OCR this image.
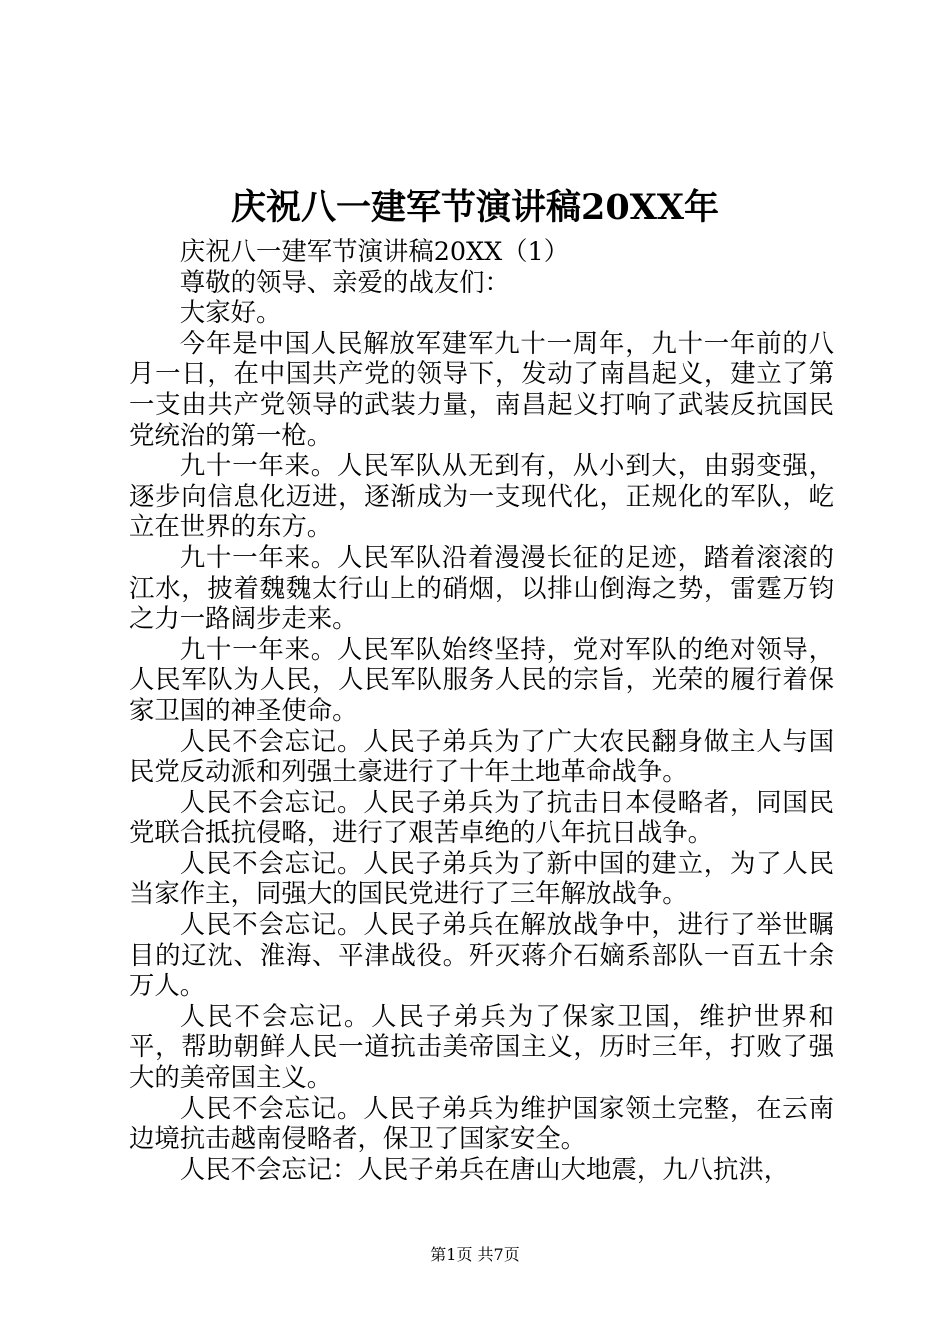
庆祝八一建军节演讲稿20XX年

庆祝八一建军节演讲稿20XX（1）

尊敬的领导、亲爱的战友们：

大家好。

今年是中国人民解放军建军九十一周年，九十一年前的八月一日，在中国共产党的领导下，发动了南昌起义，建立了第一支由共产党领导的武装力量，南昌起义打响了武装反抗国民党统治的第一枪。

九十一年来。人民军队从无到有，从小到大，由弱变强，逐步向信息化迈进，逐渐成为一支现代化，正规化的军队，屹立在世界的东方。

九十一年来。人民军队沿着漫漫长征的足迹，踏着滚滚的江水，披着魏魏太行山上的硝烟，以排山倒海之势，雷霆万钧之力一路阔步走来。

九十一年来。人民军队始终坚持，党对军队的绝对领导，人民军队为人民，人民军队服务人民的宗旨，光荣的履行着保家卫国的神圣使命。

人民不会忘记。人民子弟兵为了广大农民翻身做主人与国民党反动派和列强土豪进行了十年土地革命战争。

人民不会忘记。人民子弟兵为了抗击日本侵略者，同国民党联合抵抗侵略，进行了艰苦卓绝的八年抗日战争。

人民不会忘记。人民子弟兵为了新中国的建立，为了人民当家作主，同强大的国民党进行了三年解放战争。

人民不会忘记。人民子弟兵在解放战争中，进行了举世瞩目的辽沈、淮海、平津战役。歼灭蒋介石嫡系部队一百五十余万人。

人民不会忘记。人民子弟兵为了保家卫国，维护世界和平，帮助朝鲜人民一道抗击美帝国主义，历时三年，打败了强大的美帝国主义。

人民不会忘记。人民子弟兵为维护国家领土完整，在云南边境抗击越南侵略者，保卫了国家安全。

人民不会忘记：人民子弟兵在唐山大地震，九八抗洪，

第1页 共7页
